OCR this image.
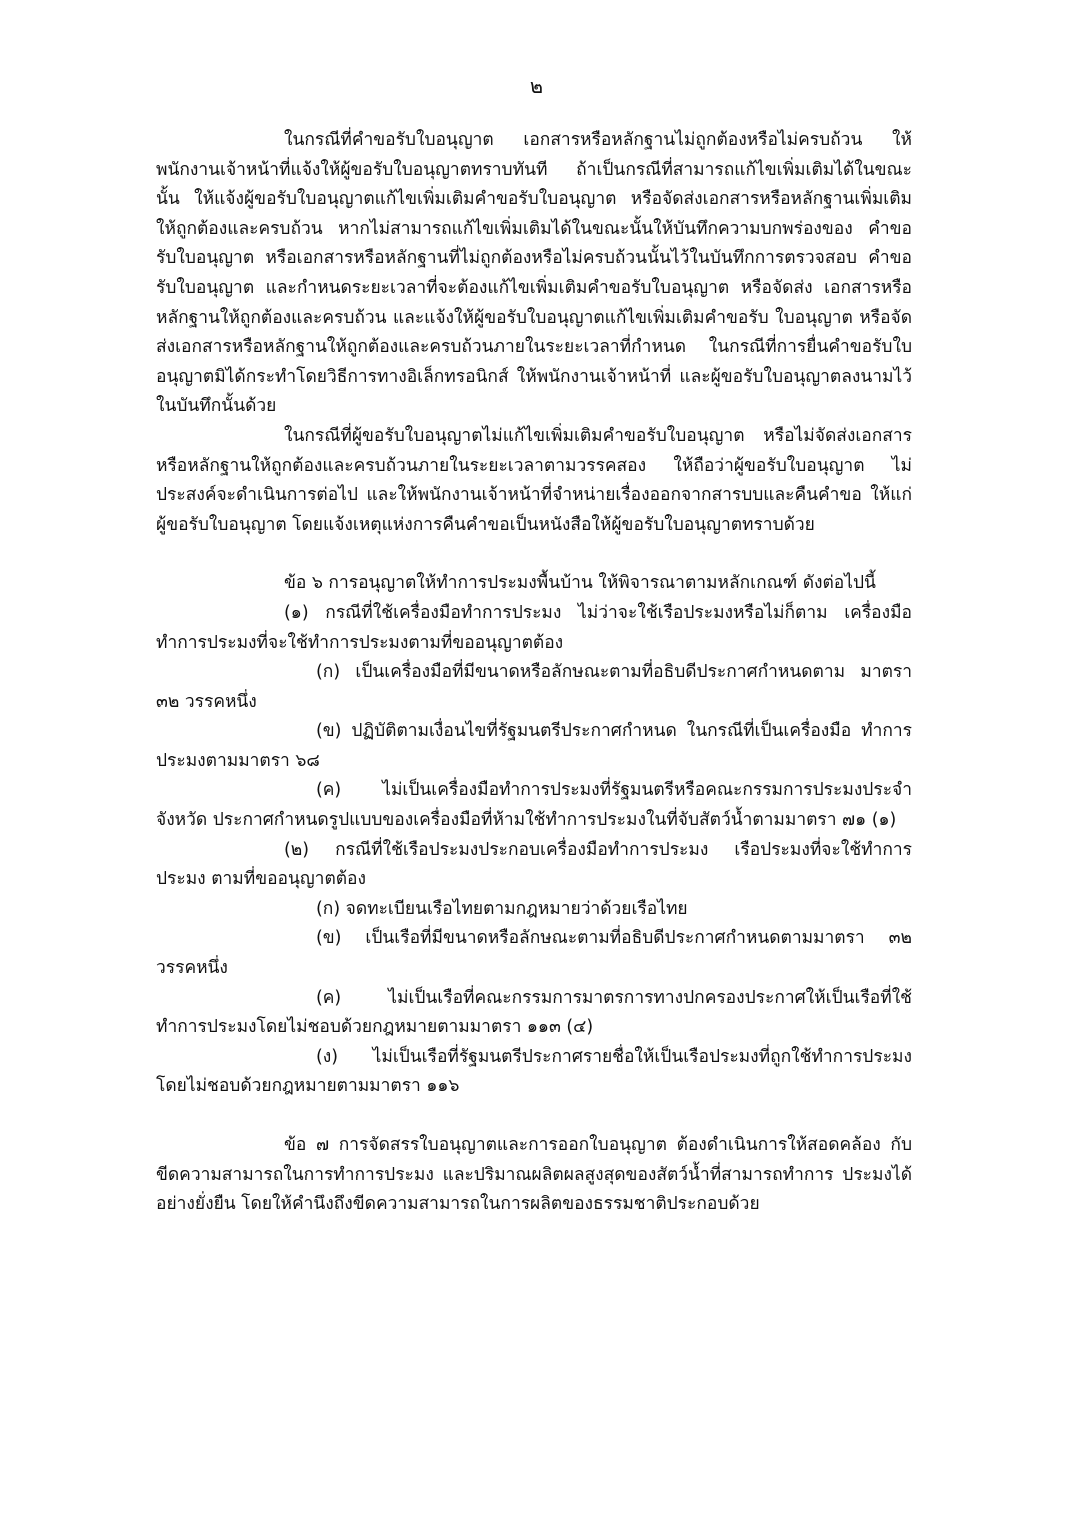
๒

ในกรณีที่คำขอรับใบอนุญาต เอกสารหรือหลักฐานไม่ถูกต้องหรือไม่ครบถ้วน ให้พนักงานเจ้าหน้าที่แจ้งให้ผู้ขอรับใบอนุญาตทราบทันที ถ้าเป็นกรณีที่สามารถแก้ไขเพิ่มเติมได้ในขณะนั้น ให้แจ้งผู้ขอรับใบอนุญาตแก้ไขเพิ่มเติมคำขอรับใบอนุญาต หรือจัดส่งเอกสารหรือหลักฐานเพิ่มเติม ให้ถูกต้องและครบถ้วน หากไม่สามารถแก้ไขเพิ่มเติมได้ในขณะนั้นให้บันทึกความบกพร่องของ คำขอรับใบอนุญาต หรือเอกสารหรือหลักฐานที่ไม่ถูกต้องหรือไม่ครบถ้วนนั้นไว้ในบันทึกการตรวจสอบ คำขอรับใบอนุญาต และกำหนดระยะเวลาที่จะต้องแก้ไขเพิ่มเติมคำขอรับใบอนุญาต หรือจัดส่ง เอกสารหรือหลักฐานให้ถูกต้องและครบถ้วน และแจ้งให้ผู้ขอรับใบอนุญาตแก้ไขเพิ่มเติมคำขอรับ ใบอนุญาต หรือจัดส่งเอกสารหรือหลักฐานให้ถูกต้องและครบถ้วนภายในระยะเวลาที่กำหนด ในกรณีที่การยื่นคำขอรับใบอนุญาตมิได้กระทำโดยวิธีการทางอิเล็กทรอนิกส์ ให้พนักงานเจ้าหน้าที่ และผู้ขอรับใบอนุญาตลงนามไว้ในบันทึกนั้นด้วย

ในกรณีที่ผู้ขอรับใบอนุญาตไม่แก้ไขเพิ่มเติมคำขอรับใบอนุญาต หรือไม่จัดส่งเอกสาร หรือหลักฐานให้ถูกต้องและครบถ้วนภายในระยะเวลาตามวรรคสอง ให้ถือว่าผู้ขอรับใบอนุญาต ไม่ประสงค์จะดำเนินการต่อไป และให้พนักงานเจ้าหน้าที่จำหน่ายเรื่องออกจากสารบบและคืนคำขอ ให้แก่ผู้ขอรับใบอนุญาต โดยแจ้งเหตุแห่งการคืนคำขอเป็นหนังสือให้ผู้ขอรับใบอนุญาตทราบด้วย

ข้อ ๖ การอนุญาตให้ทำการประมงพื้นบ้าน ให้พิจารณาตามหลักเกณฑ์ ดังต่อไปนี้

(๑) กรณีที่ใช้เครื่องมือทำการประมง ไม่ว่าจะใช้เรือประมงหรือไม่ก็ตาม เครื่องมือ ทำการประมงที่จะใช้ทำการประมงตามที่ขออนุญาตต้อง

(ก) เป็นเครื่องมือที่มีขนาดหรือลักษณะตามที่อธิบดีประกาศกำหนดตาม มาตรา ๓๒ วรรคหนึ่ง

(ข) ปฏิบัติตามเงื่อนไขที่รัฐมนตรีประกาศกำหนด ในกรณีที่เป็นเครื่องมือ ทำการประมงตามมาตรา ๖๘

(ค) ไม่เป็นเครื่องมือทำการประมงที่รัฐมนตรีหรือคณะกรรมการประมงประจำจังหวัด ประกาศกำหนดรูปแบบของเครื่องมือที่ห้ามใช้ทำการประมงในที่จับสัตว์น้ำตามมาตรา ๗๑ (๑)

(๒) กรณีที่ใช้เรือประมงประกอบเครื่องมือทำการประมง เรือประมงที่จะใช้ทำการประมง ตามที่ขออนุญาตต้อง

(ก) จดทะเบียนเรือไทยตามกฎหมายว่าด้วยเรือไทย

(ข) เป็นเรือที่มีขนาดหรือลักษณะตามที่อธิบดีประกาศกำหนดตามมาตรา ๓๒ วรรคหนึ่ง

(ค) ไม่เป็นเรือที่คณะกรรมการมาตรการทางปกครองประกาศให้เป็นเรือที่ใช้ ทำการประมงโดยไม่ชอบด้วยกฎหมายตามมาตรา ๑๑๓ (๔)

(ง) ไม่เป็นเรือที่รัฐมนตรีประกาศรายชื่อให้เป็นเรือประมงที่ถูกใช้ทำการประมง โดยไม่ชอบด้วยกฎหมายตามมาตรา ๑๑๖

ข้อ ๗ การจัดสรรใบอนุญาตและการออกใบอนุญาต ต้องดำเนินการให้สอดคล้อง กับขีดความสามารถในการทำการประมง และปริมาณผลิตผลสูงสุดของสัตว์น้ำที่สามารถทำการ ประมงได้อย่างยั่งยืน โดยให้คำนึงถึงขีดความสามารถในการผลิตของธรรมชาติประกอบด้วย
